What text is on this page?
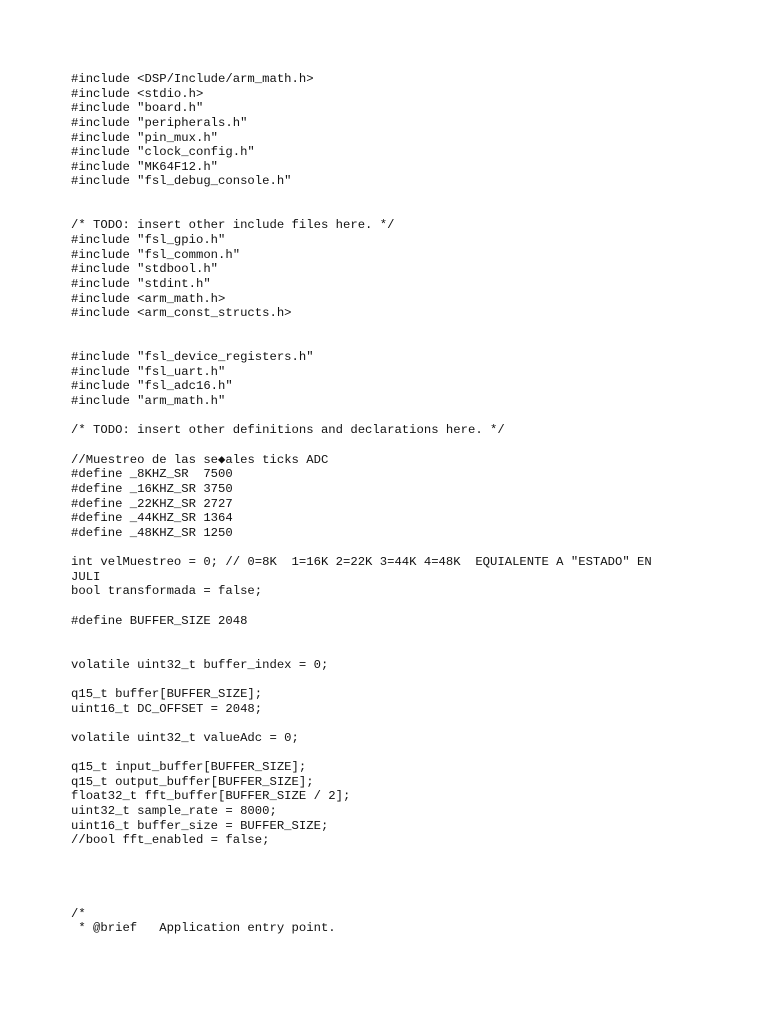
#include <DSP/Include/arm_math.h>
#include <stdio.h>
#include "board.h"
#include "peripherals.h"
#include "pin_mux.h"
#include "clock_config.h"
#include "MK64F12.h"
#include "fsl_debug_console.h"
/* TODO: insert other include files here. */
#include "fsl_gpio.h"
#include "fsl_common.h"
#include "stdbool.h"
#include "stdint.h"
#include <arm_math.h>
#include <arm_const_structs.h>
#include "fsl_device_registers.h"
#include "fsl_uart.h"
#include "fsl_adc16.h"
#include "arm_math.h"
/* TODO: insert other definitions and declarations here. */
//Muestreo de las se◆ales ticks ADC
#define _8KHZ_SR  7500
#define _16KHZ_SR 3750
#define _22KHZ_SR 2727
#define _44KHZ_SR 1364
#define _48KHZ_SR 1250
int velMuestreo = 0; // 0=8K  1=16K 2=22K 3=44K 4=48K  EQUIALENTE A "ESTADO" EN
JULI
bool transformada = false;
#define BUFFER_SIZE 2048
volatile uint32_t buffer_index = 0;
q15_t buffer[BUFFER_SIZE];
uint16_t DC_OFFSET = 2048;
volatile uint32_t valueAdc = 0;
q15_t input_buffer[BUFFER_SIZE];
q15_t output_buffer[BUFFER_SIZE];
float32_t fft_buffer[BUFFER_SIZE / 2];
uint32_t sample_rate = 8000;
uint16_t buffer_size = BUFFER_SIZE;
//bool fft_enabled = false;
/*
* @brief   Application entry point.
